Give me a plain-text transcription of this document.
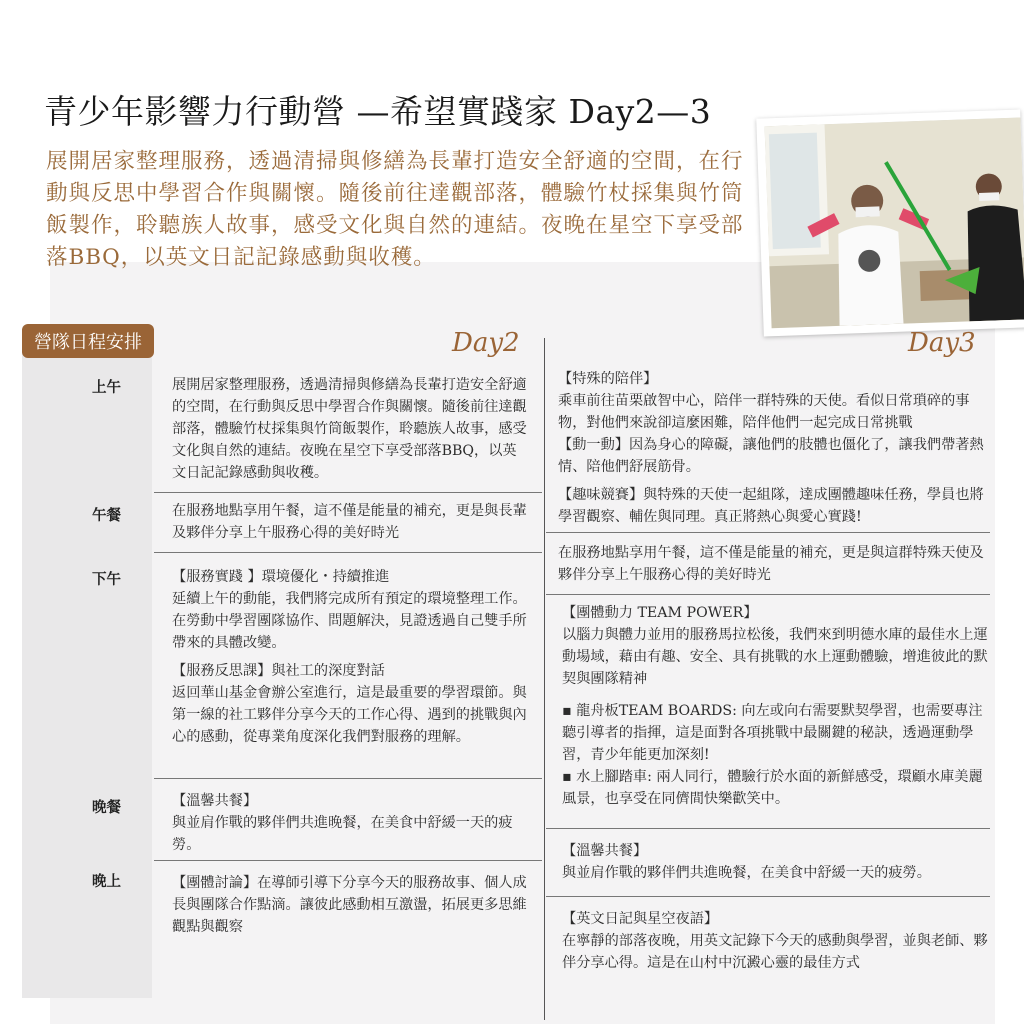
青少年影響力行動營 —希望實踐家 Day2—3
展開居家整理服務，透過清掃與修繕為長輩打造安全舒適的空間，在行動與反思中學習合作與關懷。隨後前往達觀部落，體驗竹杖採集與竹筒飯製作，聆聽族人故事，感受文化與自然的連結。夜晚在星空下享受部落BBQ，以英文日記記錄感動與收穫。
營隊日程安排	Day2	Day3
上午
午餐
下午
晚餐
晚上

展開居家整理服務，透過清掃與修繕為長輩打造安全舒適的空間，在行動與反思中學習合作與關懷。隨後前往達觀部落，體驗竹杖採集與竹筒飯製作，聆聽族人故事，感受文化與自然的連結。夜晚在星空下享受部落BBQ，以英文日記記錄感動與收穫。

在服務地點享用午餐，這不僅是能量的補充，更是與長輩及夥伴分享上午服務心得的美好時光

【服務實踐 】環境優化・持續推進

延續上午的動能，我們將完成所有預定的環境整理工作。在勞動中學習團隊協作、問題解決，見證透過自己雙手所帶來的具體改變。

【服務反思課】與社工的深度對話

返回華山基金會辦公室進行，這是最重要的學習環節。與第一線的社工夥伴分享今天的工作心得、遇到的挑戰與內心的感動，從專業角度深化我們對服務的理解。

【溫馨共餐】

與並肩作戰的夥伴們共進晚餐，在美食中舒緩一天的疲勞。

【團體討論】在導師引導下分享今天的服務故事、個人成長與團隊合作點滴。讓彼此感動相互激盪，拓展更多思維觀點與觀察

【特殊的陪伴】

乘車前往苗栗啟智中心，陪伴一群特殊的天使。看似日常瑣碎的事物，對他們來說卻這麼困難，陪伴他們一起完成日常挑戰

【動一動】因為身心的障礙，讓他們的肢體也僵化了，讓我們帶著熱情、陪他們舒展筋骨。

【趣味競賽】與特殊的天使一起組隊，達成團體趣味任務，學員也將學習觀察、輔佐與同理。真正將熱心與愛心實踐!

在服務地點享用午餐，這不僅是能量的補充，更是與這群特殊天使及夥伴分享上午服務心得的美好時光

【團體動力 TEAM POWER】

以腦力與體力並用的服務馬拉松後，我們來到明德水庫的最佳水上運動場域，藉由有趣、安全、具有挑戰的水上運動體驗，增進彼此的默契與團隊精神

▪ 龍舟板TEAM BOARDS: 向左或向右需要默契學習，也需要專注聽引導者的指揮，這是面對各項挑戰中最關鍵的秘訣，透過運動學習，青少年能更加深刻!

▪ 水上腳踏車: 兩人同行，體驗行於水面的新鮮感受，環顧水庫美麗風景，也享受在同儕間快樂歡笑中。

【溫馨共餐】

與並肩作戰的夥伴們共進晚餐，在美食中舒緩一天的疲勞。

【英文日記與星空夜語】

在寧靜的部落夜晚，用英文記錄下今天的感動與學習，並與老師、夥伴分享心得。這是在山村中沉澱心靈的最佳方式
